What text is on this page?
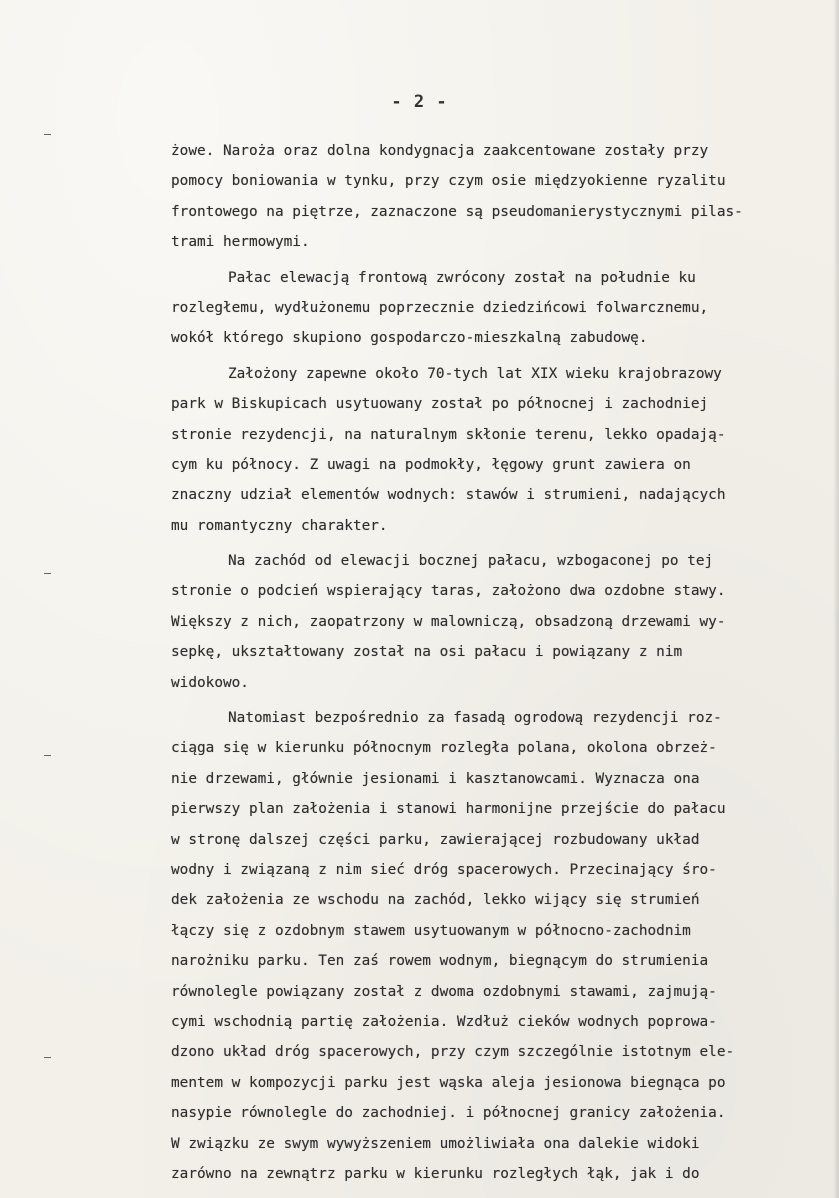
- 2 -
żowe. Naroża oraz dolna kondygnacja zaakcentowane zostały przy
pomocy boniowania w tynku, przy czym osie międzyokienne ryzalitu
frontowego na piętrze, zaznaczone są pseudomanierystycznymi pilas-
trami hermowymi.
Pałac elewacją frontową zwrócony został na południe ku
rozległemu, wydłużonemu poprzecznie dziedzińcowi folwarcznemu,
wokół którego skupiono gospodarczo-mieszkalną zabudowę.
Założony zapewne około 70-tych lat XIX wieku krajobrazowy
park w Biskupicach usytuowany został po północnej i zachodniej
stronie rezydencji, na naturalnym skłonie terenu, lekko opadają-
cym ku północy. Z uwagi na podmokły, łęgowy grunt zawiera on
znaczny udział elementów wodnych: stawów i strumieni, nadających
mu romantyczny charakter.
Na zachód od elewacji bocznej pałacu, wzbogaconej po tej
stronie o podcień wspierający taras, założono dwa ozdobne stawy.
Większy z nich, zaopatrzony w malowniczą, obsadzoną drzewami wy-
sepkę, ukształtowany został na osi pałacu i powiązany z nim
widokowo.
Natomiast bezpośrednio za fasadą ogrodową rezydencji roz-
ciąga się w kierunku północnym rozległa polana, okolona obrzeż-
nie drzewami, głównie jesionami i kasztanowcami. Wyznacza ona
pierwszy plan założenia i stanowi harmonijne przejście do pałacu
w stronę dalszej części parku, zawierającej rozbudowany układ
wodny i związaną z nim sieć dróg spacerowych. Przecinający śro-
dek założenia ze wschodu na zachód, lekko wijący się strumień
łączy się z ozdobnym stawem usytuowanym w północno-zachodnim
narożniku parku. Ten zaś rowem wodnym, biegnącym do strumienia
równolegle powiązany został z dwoma ozdobnymi stawami, zajmują-
cymi wschodnią partię założenia. Wzdłuż cieków wodnych poprowa-
dzono układ dróg spacerowych, przy czym szczególnie istotnym ele-
mentem w kompozycji parku jest wąska aleja jesionowa biegnąca po
nasypie równolegle do zachodniej. i północnej granicy założenia.
W związku ze swym wywyższeniem umożliwiała ona dalekie widoki
zarówno na zewnątrz parku w kierunku rozległych łąk, jak i do
